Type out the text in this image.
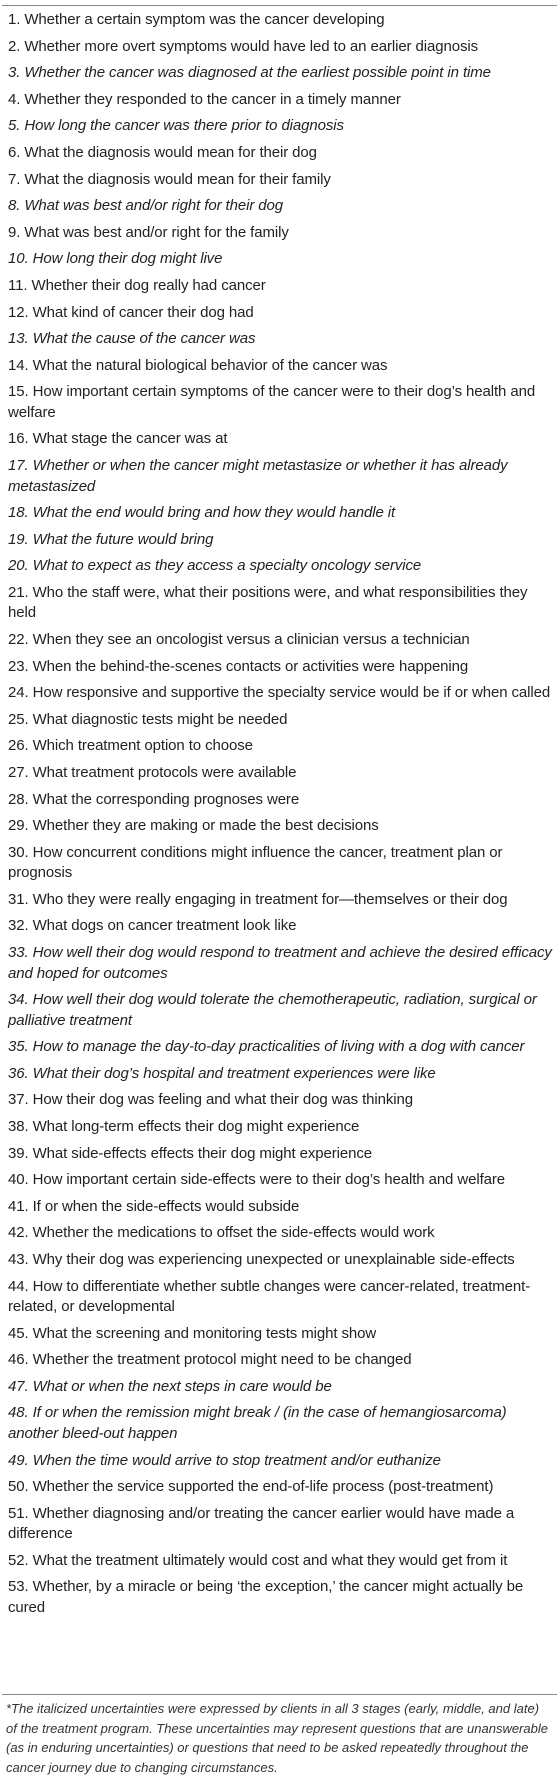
1. Whether a certain symptom was the cancer developing
2. Whether more overt symptoms would have led to an earlier diagnosis
3. Whether the cancer was diagnosed at the earliest possible point in time
4. Whether they responded to the cancer in a timely manner
5. How long the cancer was there prior to diagnosis
6. What the diagnosis would mean for their dog
7. What the diagnosis would mean for their family
8. What was best and/or right for their dog
9. What was best and/or right for the family
10. How long their dog might live
11. Whether their dog really had cancer
12. What kind of cancer their dog had
13. What the cause of the cancer was
14. What the natural biological behavior of the cancer was
15. How important certain symptoms of the cancer were to their dog’s health and welfare
16. What stage the cancer was at
17. Whether or when the cancer might metastasize or whether it has already metastasized
18. What the end would bring and how they would handle it
19. What the future would bring
20. What to expect as they access a specialty oncology service
21. Who the staff were, what their positions were, and what responsibilities they held
22. When they see an oncologist versus a clinician versus a technician
23. When the behind-the-scenes contacts or activities were happening
24. How responsive and supportive the specialty service would be if or when called
25. What diagnostic tests might be needed
26. Which treatment option to choose
27. What treatment protocols were available
28. What the corresponding prognoses were
29. Whether they are making or made the best decisions
30. How concurrent conditions might influence the cancer, treatment plan or prognosis
31. Who they were really engaging in treatment for—themselves or their dog
32. What dogs on cancer treatment look like
33. How well their dog would respond to treatment and achieve the desired efficacy and hoped for outcomes
34. How well their dog would tolerate the chemotherapeutic, radiation, surgical or palliative treatment
35. How to manage the day-to-day practicalities of living with a dog with cancer
36. What their dog’s hospital and treatment experiences were like
37. How their dog was feeling and what their dog was thinking
38. What long-term effects their dog might experience
39. What side-effects effects their dog might experience
40. How important certain side-effects were to their dog’s health and welfare
41. If or when the side-effects would subside
42. Whether the medications to offset the side-effects would work
43. Why their dog was experiencing unexpected or unexplainable side-effects
44. How to differentiate whether subtle changes were cancer-related, treatment-related, or developmental
45. What the screening and monitoring tests might show
46. Whether the treatment protocol might need to be changed
47. What or when the next steps in care would be
48. If or when the remission might break / (in the case of hemangiosarcoma) another bleed-out happen
49. When the time would arrive to stop treatment and/or euthanize
50. Whether the service supported the end-of-life process (post-treatment)
51. Whether diagnosing and/or treating the cancer earlier would have made a difference
52. What the treatment ultimately would cost and what they would get from it
53. Whether, by a miracle or being ‘the exception,’ the cancer might actually be cured
*The italicized uncertainties were expressed by clients in all 3 stages (early, middle, and late) of the treatment program. These uncertainties may represent questions that are unanswerable (as in enduring uncertainties) or questions that need to be asked repeatedly throughout the cancer journey due to changing circumstances.
